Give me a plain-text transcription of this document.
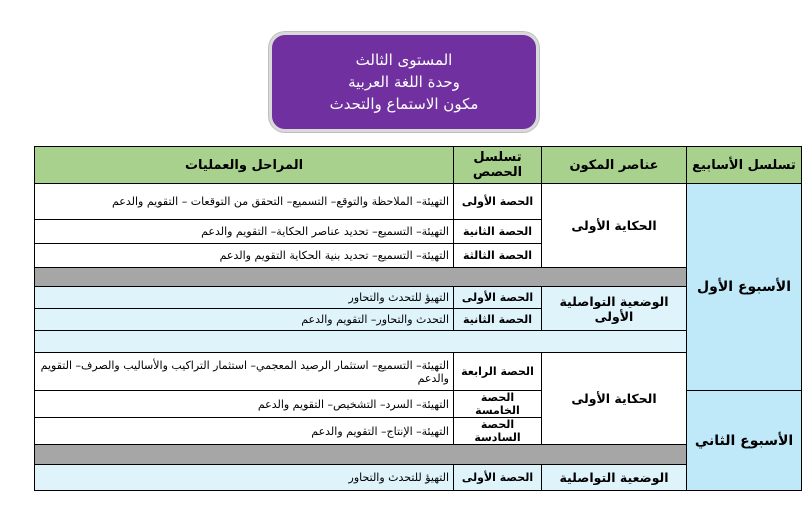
المستوى الثالث
وحدة اللغة العربية
مكون الاستماع والتحدث
تسلسل الأسابيع	عناصر المكون	تسلسل الحصص	المراحل والعمليات
الأسبوع الأول	الحكاية الأولى	الحصة الأولى	التهيئة– الملاحظة والتوقع– التسميع– التحقق من التوقعات – التقويم والدعم
		الحصة الثانية	التهيئة– التسميع– تحديد عناصر الحكاية– التقويم والدعم
		الحصة الثالثة	التهيئة– التسميع– تحديد بنية الحكاية التقويم والدعم

	الوضعية التواصلية الأولى	الحصة الأولى	التهيؤ للتحدث والتحاور
		الحصة الثانية	التحدث والتحاور– التقويم والدعم

	الحكاية الأولى	الحصة الرابعة	التهيئة– التسميع– استثمار الرصيد المعجمي– استثمار التراكيب والأساليب والصرف– التقويم والدعم
الأسبوع الثاني		الحصة الخامسة	التهيئة– السرد– التشخيص– التقويم والدعم
		الحصة السادسة	التهيئة– الإنتاج– التقويم والدعم

	الوضعية التواصلية	الحصة الأولى	التهيؤ للتحدث والتحاور
